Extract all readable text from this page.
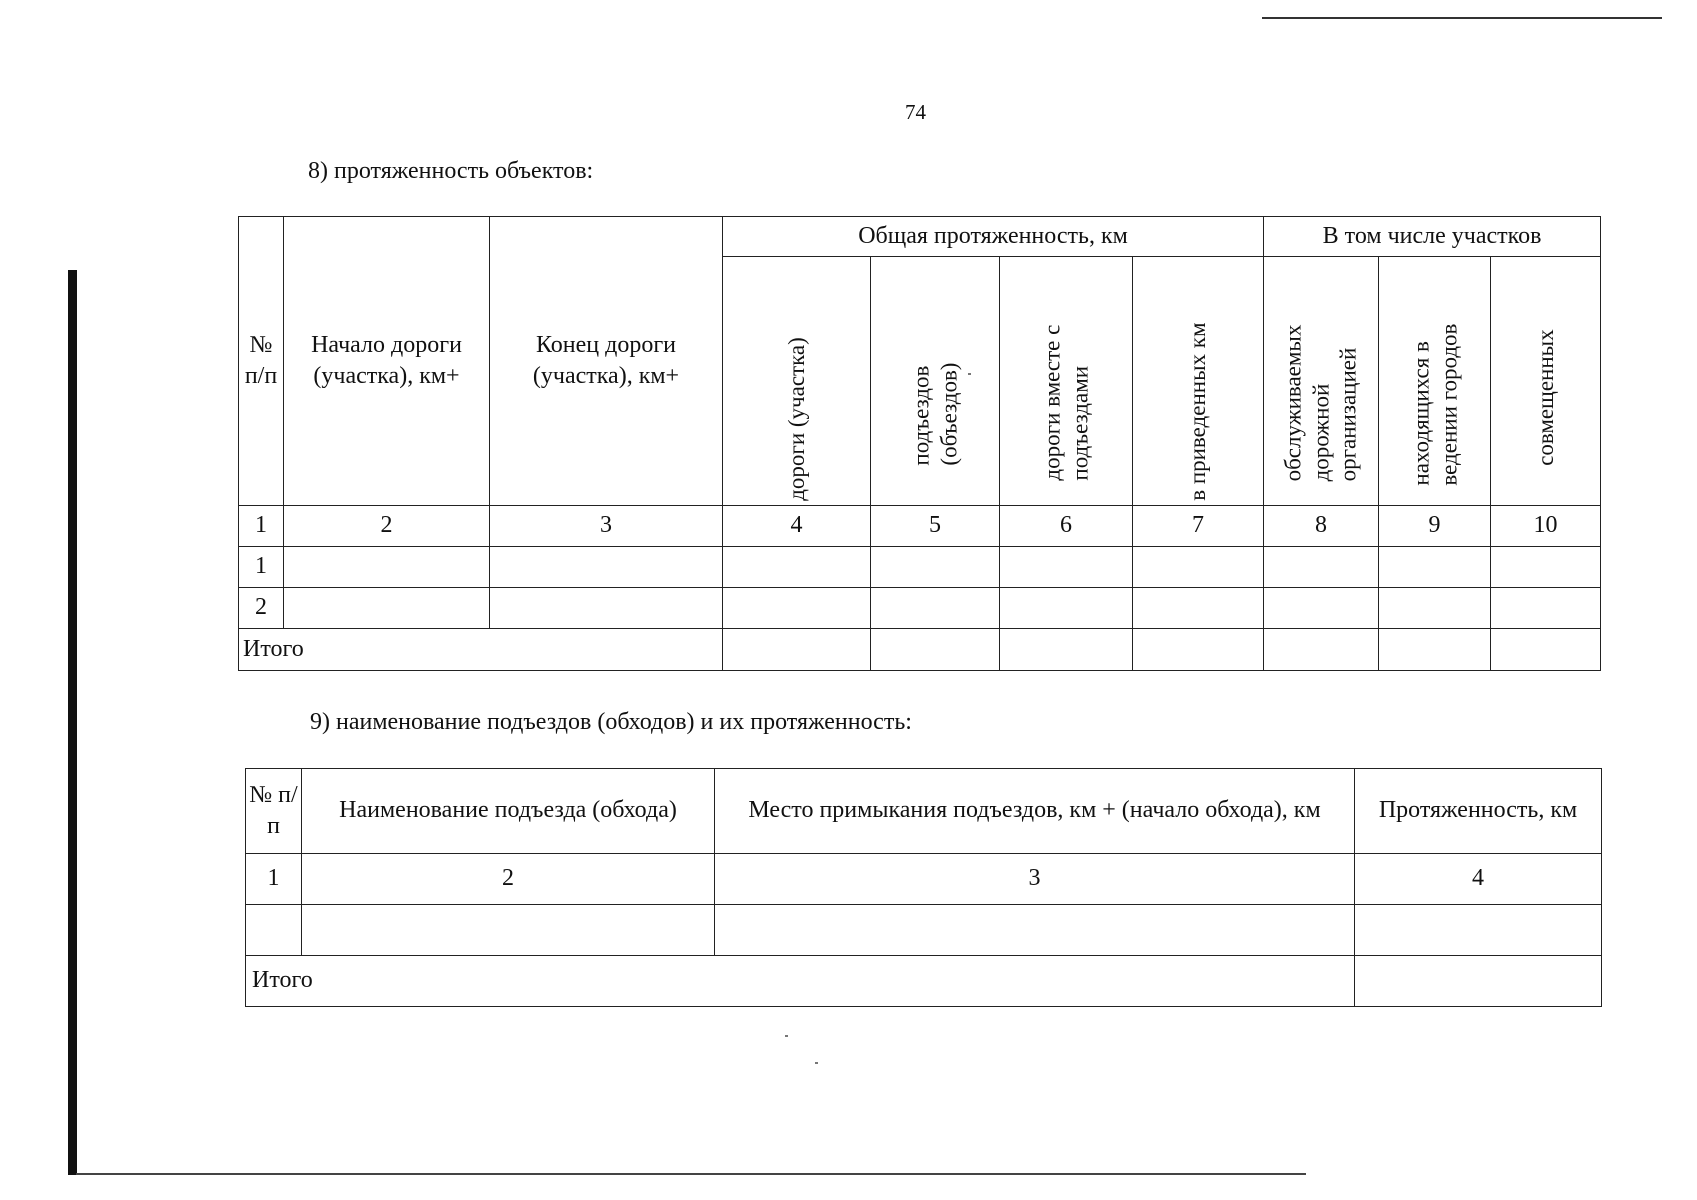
74
8) протяженность объектов:
№ п/п	Начало дороги (участка), км+	Конец дороги (участка), км+	Общая протяженность, км				В том числе участков		

			дороги (участка)	подъездов (объездов)	дороги вместе с подъездами	в приведенных км	обслуживаемых дорожной организацией	находящихся в ведении городов	совмещенных

1	2	3	4	5	6	7	8	9	10
1									
2									
Итого									
9) наименование подъездов (обходов) и их протяженность:
№ п/п	Наименование подъезда (обхода)	Место примыкания подъездов, км + (начало обхода), км	Протяженность, км
1	2	3	4

Итого			
